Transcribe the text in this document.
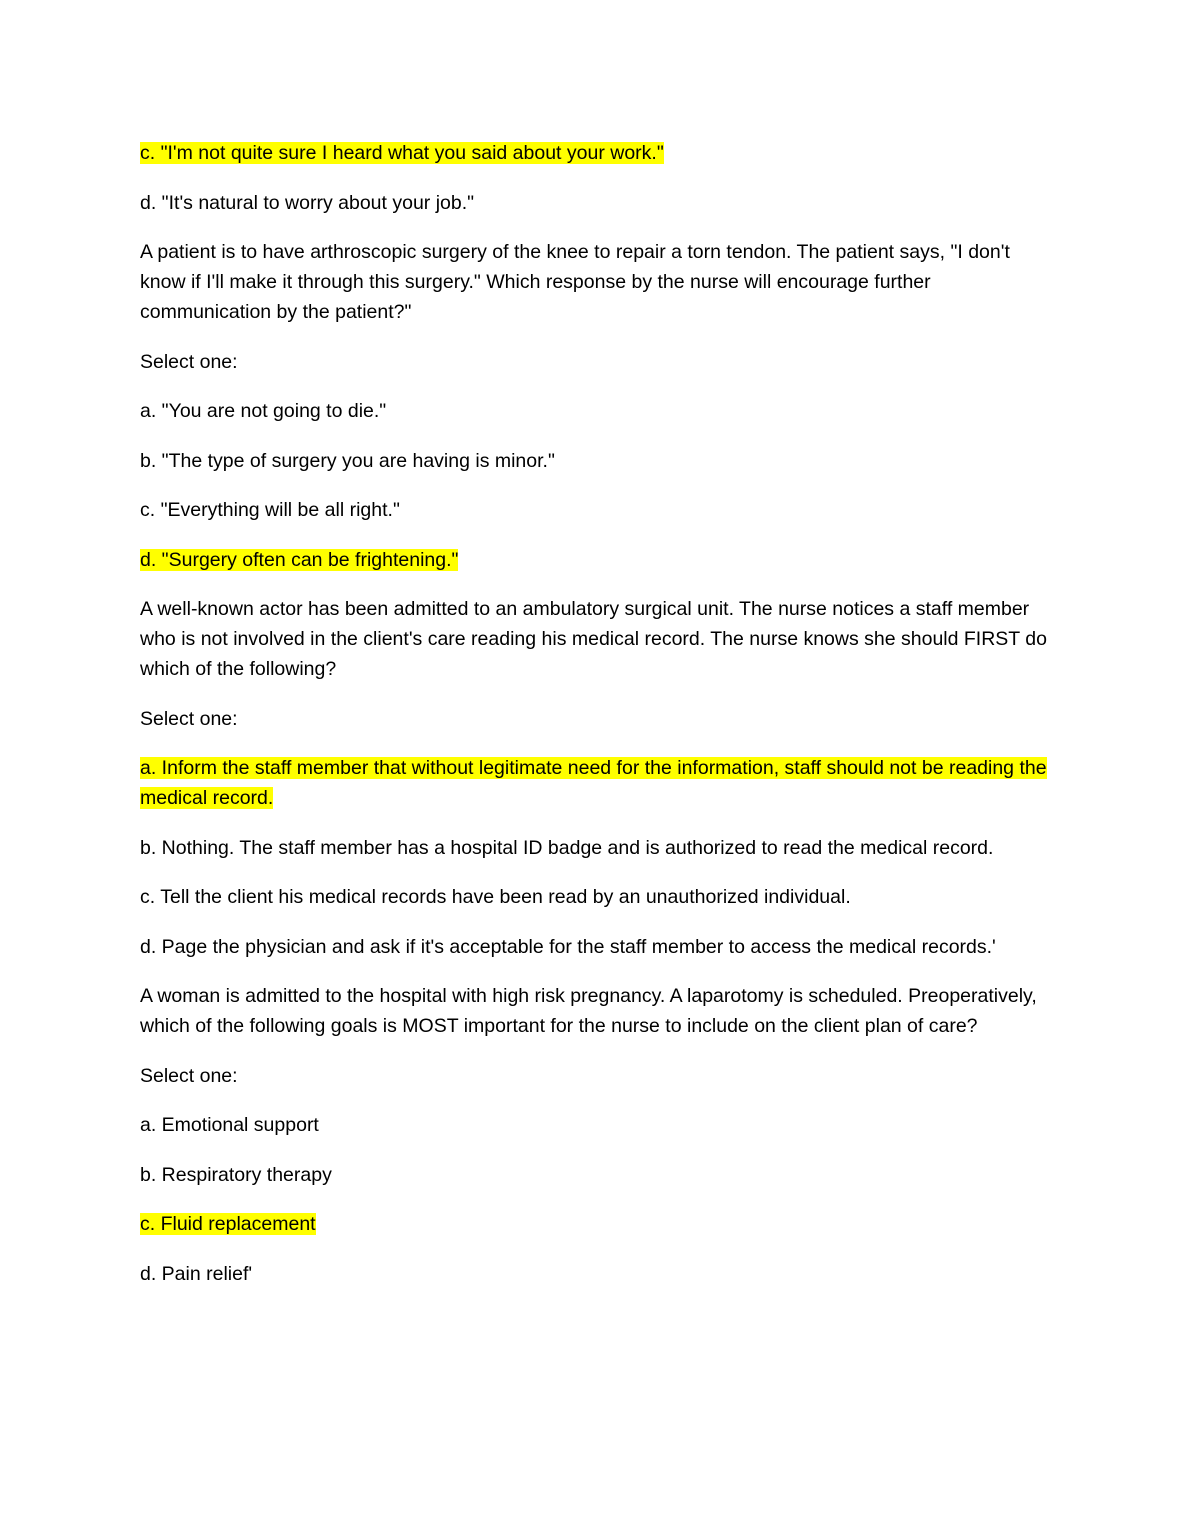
c. "I'm not quite sure I heard what you said about your work."

d. "It's natural to worry about your job."

A patient is to have arthroscopic surgery of the knee to repair a torn tendon. The patient says, "I don't know if I'll make it through this surgery." Which response by the nurse will encourage further communication by the patient?"

Select one:

a. "You are not going to die."

b. "The type of surgery you are having is minor."

c. "Everything will be all right."

d. "Surgery often can be frightening."

A well-known actor has been admitted to an ambulatory surgical unit. The nurse notices a staff member who is not involved in the client's care reading his medical record. The nurse knows she should FIRST do which of the following?

Select one:

a. Inform the staff member that without legitimate need for the information, staff should not be reading the medical record.

b. Nothing. The staff member has a hospital ID badge and is authorized to read the medical record.

c. Tell the client his medical records have been read by an unauthorized individual.

d. Page the physician and ask if it's acceptable for the staff member to access the medical records.'

A woman is admitted to the hospital with high risk pregnancy. A laparotomy is scheduled. Preoperatively, which of the following goals is MOST important for the nurse to include on the client plan of care?

Select one:

a. Emotional support

b. Respiratory therapy

c. Fluid replacement

d. Pain relief'
